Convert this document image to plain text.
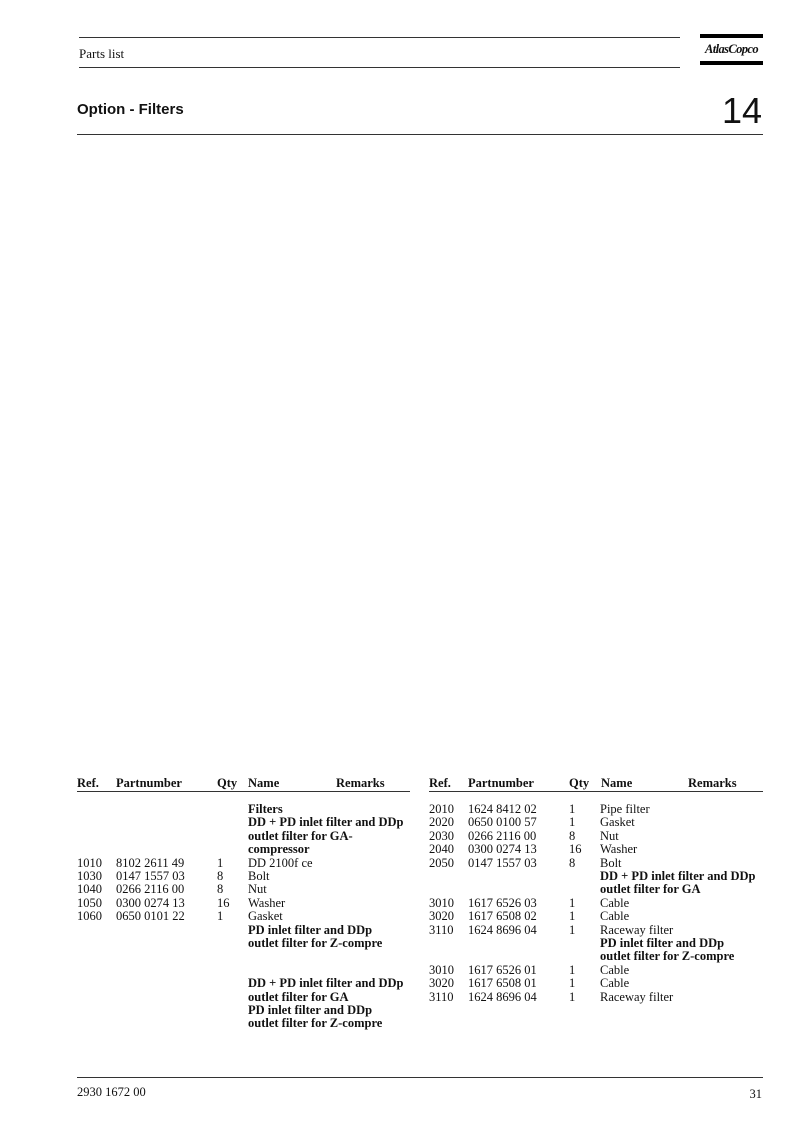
Parts list	AtlasCopco
Option - Filters	14
Ref. Partnumber	Qty Name	Remarks	Ref. Partnumber	Qty Name	Remarks
Filters
DD + PD inlet filter and DDp
outlet filter for GA-
compressor
1010 8102 2611 49	1 DD 2100f ce
1030 0147 1557 03	8 Bolt
1040 0266 2116 00	8 Nut
1050 0300 0274 13	16 Washer
1060 0650 0101 22	1 Gasket
PD inlet filter and DDp
outlet filter for Z-compre
DD + PD inlet filter and DDp
outlet filter for GA
PD inlet filter and DDp
outlet filter for Z-compre
2010 1624 8412 02	1 Pipe filter
2020 0650 0100 57	1 Gasket
2030 0266 2116 00	8 Nut
2040 0300 0274 13	16 Washer
2050 0147 1557 03	8 Bolt
DD + PD inlet filter and DDp
outlet filter for GA
3010 1617 6526 03	1 Cable
3020 1617 6508 02	1 Cable
3110 1624 8696 04	1 Raceway filter
PD inlet filter and DDp
outlet filter for Z-compre
3010 1617 6526 01	1 Cable
3020 1617 6508 01	1 Cable
3110 1624 8696 04	1 Raceway filter
2930 1672 00	31
